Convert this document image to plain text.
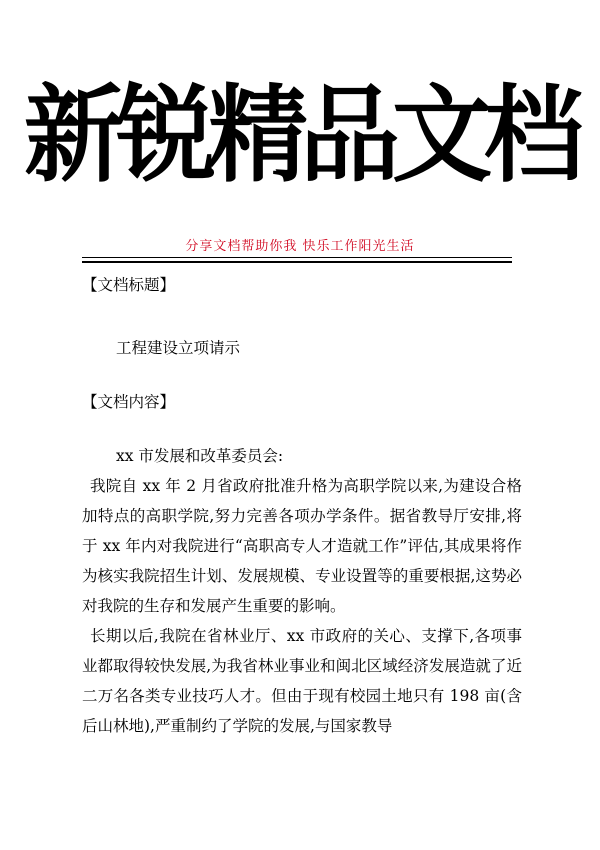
新锐精品文档
分享文档帮助你我 快乐工作阳光生活
【文档标题】
工程建设立项请示
【文档内容】
xx 市发展和改革委员会:

我院自 xx 年 2 月省政府批准升格为高职学院以来,为建设合格加特点的高职学院,努力完善各项办学条件。据省教导厅安排,将于 xx 年内对我院进行“高职高专人才造就工作”评估,其成果将作为核实我院招生计划、发展规模、专业设置等的重要根据,这势必对我院的生存和发展产生重要的影响。

长期以后,我院在省林业厅、xx 市政府的关心、支撑下,各项事业都取得较快发展,为我省林业事业和闽北区域经济发展造就了近二万名各类专业技巧人才。但由于现有校园土地只有 198 亩(含后山林地),严重制约了学院的发展,与国家教导
